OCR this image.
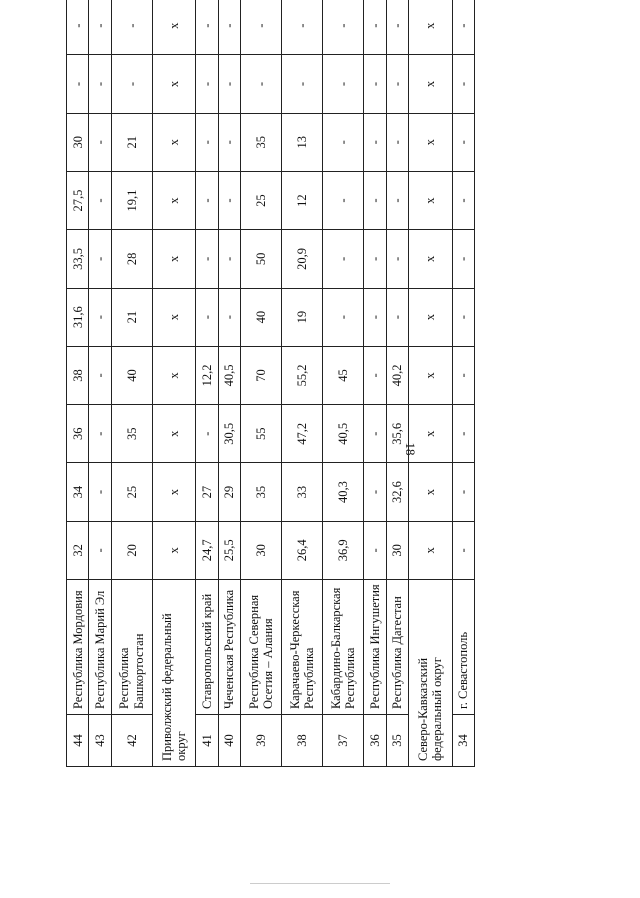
18
44	Республика Мордовия	32	34	36	38	31,6	33,5	27,5	30	-	-
43	Республика Марий Эл	-	-	-	-	-	-	-	-	-	-
42	Республика Башкортостан	20	25	35	40	21	28	19,1	21	-	-
Приволжский федеральный округ		х	х	х	х	х	х	х	х	х	х
41	Ставропольский край	24,7	27	-	12,2	-	-	-	-	-	-
40	Чеченская Республика	25,5	29	30,5	40,5	-	-	-	-	-	-
39	Республика Северная Осетия – Алания	30	35	55	70	40	50	25	35	-	-
38	Карачаево-Черкесская Республика	26,4	33	47,2	55,2	19	20,9	12	13	-	-
37	Кабардино-Балкарская Республика	36,9	40,3	40,5	45	-	-	-	-	-	-
36	Республика Ингушетия	-	-	-	-	-	-	-	-	-	-
35	Республика Дагестан	30	32,6	35,6	40,2	-	-	-	-	-	-
Северо-Кавказский федеральный округ		х	х	х	х	х	х	х	х	х	х
34	г. Севастополь	-	-	-	-	-	-	-	-	-	-
